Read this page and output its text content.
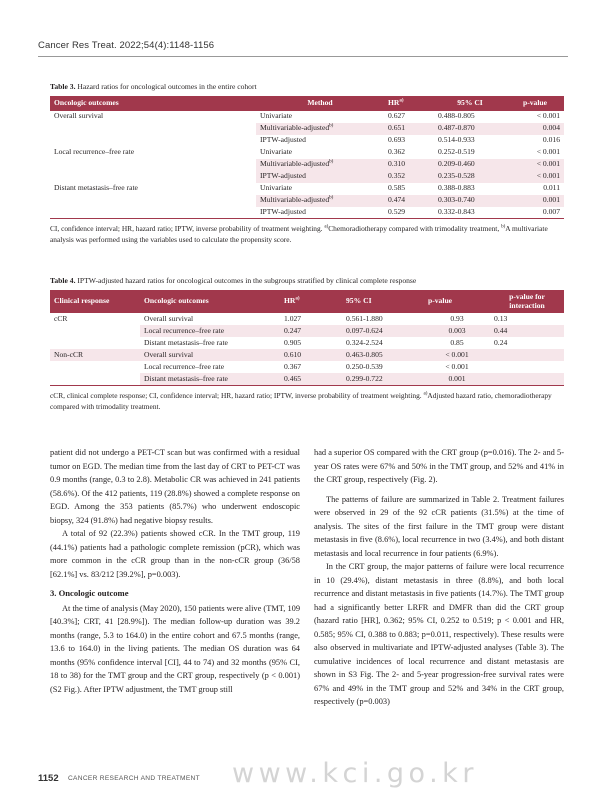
Cancer Res Treat. 2022;54(4):1148-1156
Table 3. Hazard ratios for oncological outcomes in the entire cohort
Oncologic outcomes	Method	HR$^{a)}$	95% CI	p-value
Overall survival	Univariate	0.627	0.488-0.805	< 0.001
	Multivariable-adjusted$^{b)}$	0.651	0.487-0.870	0.004
	IPTW-adjusted	0.693	0.514-0.933	0.016
Local recurrence–free rate	Univariate	0.362	0.252-0.519	< 0.001
	Multivariable-adjusted$^{b)}$	0.310	0.209-0.460	< 0.001
	IPTW-adjusted	0.352	0.235-0.528	< 0.001
Distant metastasis–free rate	Univariate	0.585	0.388-0.883	0.011
	Multivariable-adjusted$^{b)}$	0.474	0.303-0.740	0.001
	IPTW-adjusted	0.529	0.332-0.843	0.007
CI, confidence interval; HR, hazard ratio; IPTW, inverse probability of treatment weighting. $^{a)}$Chemoradiotherapy compared with trimodality treatment, $^{b)}$A multivariate analysis was performed using the variables used to calculate the propensity score.
Table 4. IPTW-adjusted hazard ratios for oncological outcomes in the subgroups stratified by clinical complete response
Clinical response	Oncologic outcomes	HR$^{a)}$	95% CI	p-value	p-value for interaction
cCR	Overall survival	1.027	0.561-1.880	0.93	0.13
	Local recurrence–free rate	0.247	0.097-0.624	0.003	0.44
	Distant metastasis–free rate	0.905	0.324-2.524	0.85	0.24
Non-cCR	Overall survival	0.610	0.463-0.805	< 0.001	
	Local recurrence–free rate	0.367	0.250-0.539	< 0.001	
	Distant metastasis–free rate	0.465	0.299-0.722	0.001	
cCR, clinical complete response; CI, confidence interval; HR, hazard ratio; IPTW, inverse probability of treatment weighting. $^{a)}$Adjusted hazard ratio, chemoradiotherapy compared with trimodality treatment.

patient did not undergo a PET-CT scan but was confirmed with a residual tumor on EGD. The median time from the last day of CRT to PET-CT was 0.9 months (range, 0.3 to 2.8). Metabolic CR was achieved in 241 patients (58.6%). Of the 412 patients, 119 (28.8%) showed a complete response on EGD. Among the 353 patients (85.7%) who underwent endoscopic biopsy, 324 (91.8%) had negative biopsy results.

A total of 92 (22.3%) patients showed cCR. In the TMT group, 119 (44.1%) patients had a pathologic complete remission (pCR), which was more common in the cCR group than in the non-cCR group (36/58 [62.1%] vs. 83/212 [39.2%], p=0.003).

3. Oncologic outcome

At the time of analysis (May 2020), 150 patients were alive (TMT, 109 [40.3%]; CRT, 41 [28.9%]). The median follow-up duration was 39.2 months (range, 5.3 to 164.0) in the entire cohort and 67.5 months (range, 13.6 to 164.0) in the living patients. The median OS duration was 64 months (95% confidence interval [CI], 44 to 74) and 32 months (95% CI, 18 to 38) for the TMT group and the CRT group, respectively (p < 0.001) (S2 Fig.). After IPTW adjustment, the TMT group still

had a superior OS compared with the CRT group (p=0.016). The 2- and 5-year OS rates were 67% and 50% in the TMT group, and 52% and 41% in the CRT group, respectively (Fig. 2).

The patterns of failure are summarized in Table 2. Treatment failures were observed in 29 of the 92 cCR patients (31.5%) at the time of analysis. The sites of the first failure in the TMT group were distant metastasis in five (8.6%), local recurrence in two (3.4%), and both distant metastasis and local recurrence in four patients (6.9%).

In the CRT group, the major patterns of failure were local recurrence in 10 (29.4%), distant metastasis in three (8.8%), and both local recurrence and distant metastasis in five patients (14.7%). The TMT group had a significantly better LRFR and DMFR than did the CRT group (hazard ratio [HR], 0.362; 95% CI, 0.252 to 0.519; p < 0.001 and HR, 0.585; 95% CI, 0.388 to 0.883; p=0.011, respectively). These results were also observed in multivariate and IPTW-adjusted analyses (Table 3). The cumulative incidences of local recurrence and distant metastasis are shown in S3 Fig. The 2- and 5-year progression-free survival rates were 67% and 49% in the TMT group and 52% and 34% in the CRT group, respectively (p=0.003)

1152 CANCER RESEARCH AND TREATMENT www.kci.go.kr
